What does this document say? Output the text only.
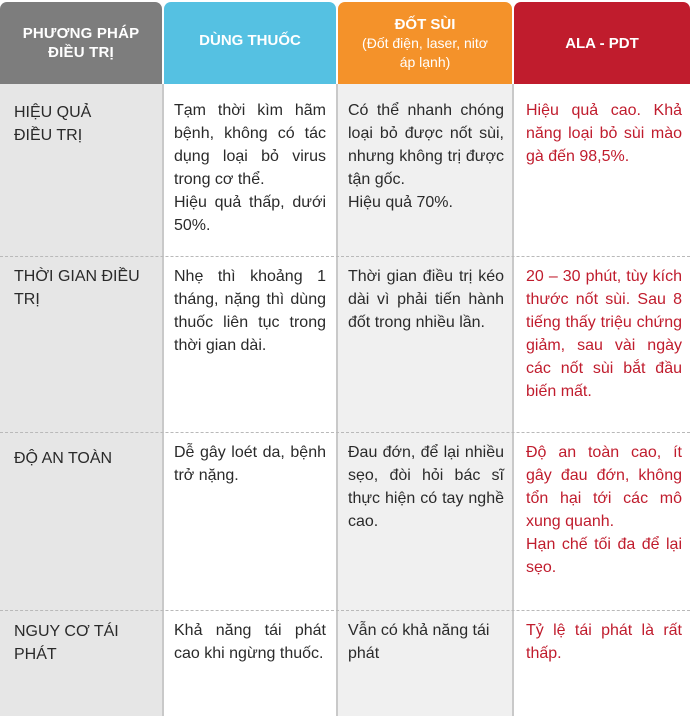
PHƯƠNG PHÁP ĐIỀU TRỊ
DÙNG THUỐC
ĐỐT SÙI
(Đốt điện, laser, nitơ áp lạnh)
ALA - PDT
HIỆU QUẢ ĐIỀU TRỊ

Tạm thời kìm hãm bệnh, không có tác dụng loại bỏ virus trong cơ thể.

Hiệu quả thấp, dưới 50%.

Có thể nhanh chóng loại bỏ được nốt sùi, nhưng không trị được tận gốc.

Hiệu quả 70%.

Hiệu quả cao. Khả năng loại bỏ sùi mào gà đến 98,5%.

THỜI GIAN ĐIỀU TRỊ

Nhẹ thì khoảng 1 tháng, nặng thì dùng thuốc liên tục trong thời gian dài.

Thời gian điều trị kéo dài vì phải tiến hành đốt trong nhiều lần.

20 – 30 phút, tùy kích thước nốt sùi. Sau 8 tiếng thấy triệu chứng giảm, sau vài ngày các nốt sùi bắt đầu biến mất.

ĐỘ AN TOÀN	Dễ gây loét da, bệnh trở nặng.

Đau đớn, để lại nhiều sẹo, đòi hỏi bác sĩ thực hiện có tay nghề cao.

Độ an toàn cao, ít gây đau đớn, không tổn hại tới các mô xung quanh.

Hạn chế tối đa để lại sẹo.

NGUY CƠ TÁI PHÁT

Khả năng tái phát cao khi ngừng thuốc.

Vẫn có khả năng tái phát

Tỷ lệ tái phát là rất thấp.
